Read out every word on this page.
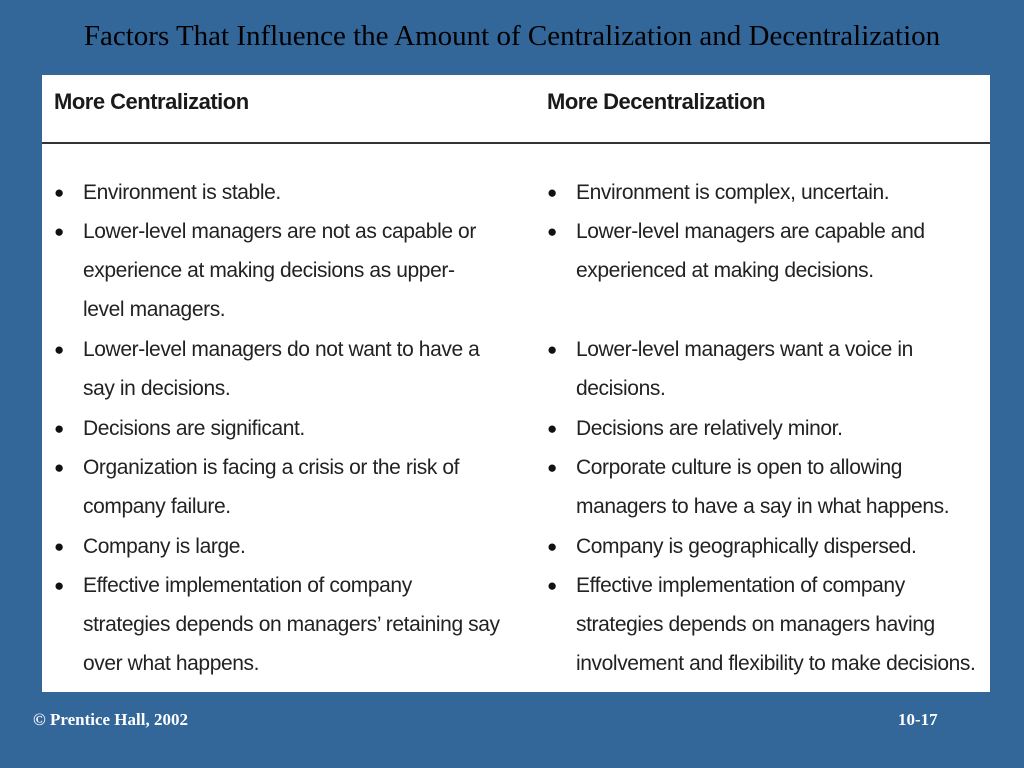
Factors That Influence the Amount of Centralization and Decentralization
More Centralization	More Decentralization
● Environment is stable.
● Lower-level managers are not as capable or
experience at making decisions as upper-
level managers.
● Lower-level managers do not want to have a
say in decisions.
● Decisions are significant.
● Organization is facing a crisis or the risk of
company failure.
● Company is large.
● Effective implementation of company
strategies depends on managers’ retaining say
over what happens.
● Environment is complex, uncertain.
● Lower-level managers are capable and
experienced at making decisions.
● Lower-level managers want a voice in
decisions.
● Decisions are relatively minor.
● Corporate culture is open to allowing
managers to have a say in what happens.
● Company is geographically dispersed.
● Effective implementation of company
strategies depends on managers having
involvement and flexibility to make decisions.
© Prentice Hall, 2002	10-17
